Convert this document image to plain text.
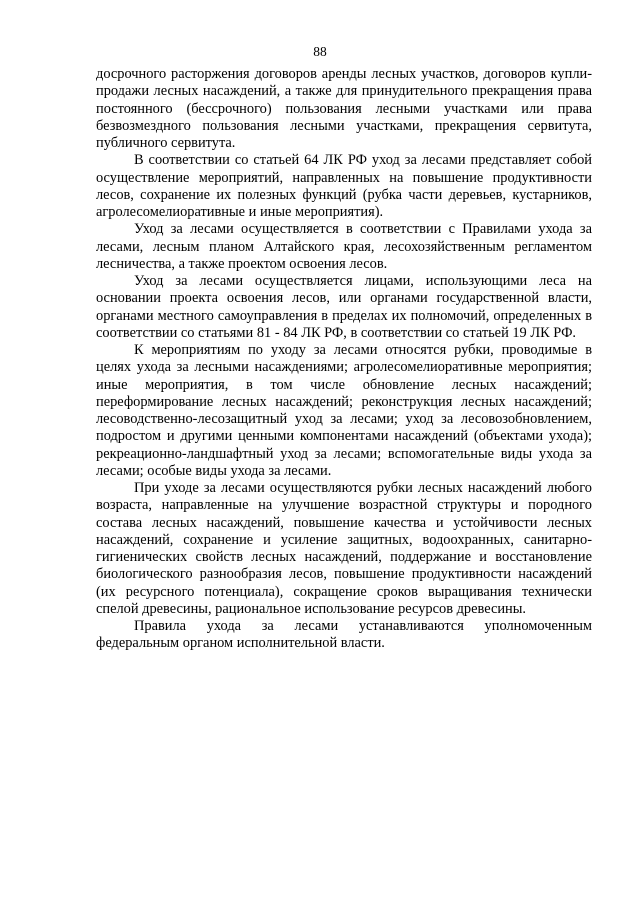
88

досрочного расторжения договоров аренды лесных участков, договоров купли-продажи лесных насаждений, а также для принудительного прекращения права постоянного (бессрочного) пользования лесными участками или права безвозмездного пользования лесными участками, прекращения сервитута, публичного сервитута.

В соответствии со статьей 64 ЛК РФ уход за лесами представляет собой осуществление мероприятий, направленных на повышение продуктивности лесов, сохранение их полезных функций (рубка части деревьев, кустарников, агролесомелиоративные и иные мероприятия).

Уход за лесами осуществляется в соответствии с Правилами ухода за лесами, лесным планом Алтайского края, лесохозяйственным регламентом лесничества, а также проектом освоения лесов.

Уход за лесами осуществляется лицами, использующими леса на основании проекта освоения лесов, или органами государственной власти, органами местного самоуправления в пределах их полномочий, определенных в соответствии со статьями 81 - 84 ЛК РФ, в соответствии со статьей 19 ЛК РФ.

К мероприятиям по уходу за лесами относятся рубки, проводимые в целях ухода за лесными насаждениями; агролесомелиоративные мероприятия; иные мероприятия, в том числе обновление лесных насаждений; переформирование лесных насаждений; реконструкция лесных насаждений; лесоводственно-лесозащитный уход за лесами; уход за лесовозобновлением, подростом и другими ценными компонентами насаждений (объектами ухода); рекреационно-ландшафтный уход за лесами; вспомогательные виды ухода за лесами; особые виды ухода за лесами.

При уходе за лесами осуществляются рубки лесных насаждений любого возраста, направленные на улучшение возрастной структуры и породного состава лесных насаждений, повышение качества и устойчивости лесных насаждений, сохранение и усиление защитных, водоохранных, санитарно-гигиенических свойств лесных насаждений, поддержание и восстановление биологического разнообразия лесов, повышение продуктивности насаждений (их ресурсного потенциала), сокращение сроков выращивания технически спелой древесины, рациональное использование ресурсов древесины.

Правила ухода за лесами устанавливаются уполномоченным федеральным органом исполнительной власти.
